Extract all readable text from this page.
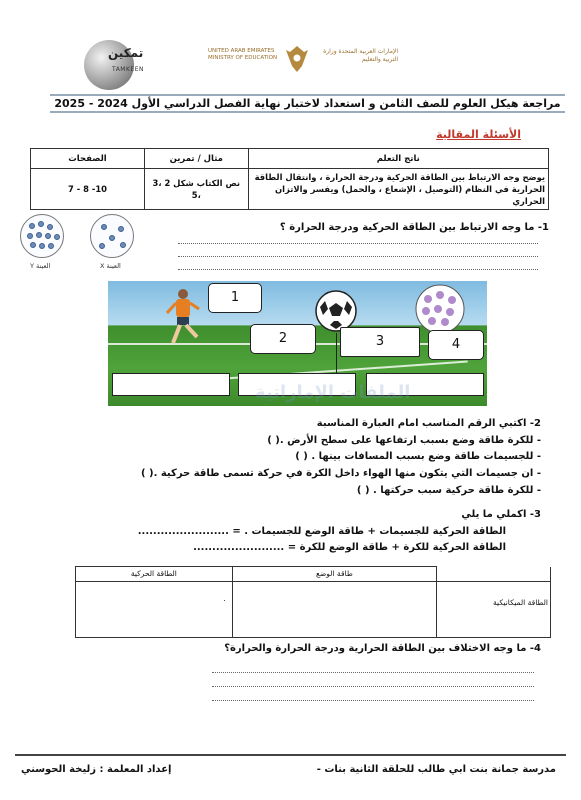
تمكين
TAMKEEN
UNITED ARAB EMIRATES MINISTRY OF EDUCATION
الإمارات العربية المتحدة وزارة التربية والتعليم
مراجعة هيكل العلوم للصف الثامن و استعداد لاختبار نهاية الفصل الدراسي الأول 2024 - 2025
الأسئلة المقالية
ناتج التعلم	مثال / تمرين	الصفحات
يوضح وجه الارتباط بين الطاقة الحركية ودرجة الحرارة ، وانتقال الطاقة الحرارية في النظام (التوصيل ، الإشعاع ، والحمل) ويفسر والاتزان الحراري	نص الكتاب شكل 2 ،3 ،5	7 - 8 -10
1- ما وجه الارتباط بين الطاقة الحركية ودرجة الحرارة ؟
العينة Y	العينة X
1
2	3	4
الملفات الإماراتية
2- اكتبي الرقم المناسب امام العبارة المناسبة
- للكرة طاقة وضع بسبب ارتفاعها على سطح الأرض .( )
- للجسيمات طاقة وضع بسبب المسافات بينها . ( )
- ان جسيمات التي يتكون منها الهواء داخل الكرة في حركة تسمى طاقة حركية .( )
- للكرة طاقة حركية سبب حركتها . ( )
3- اكملي ما يلي
الطاقة الحركية للجسيمات + طاقة الوضع للجسيمات . = ........................
الطاقة الحركية للكرة + طاقة الوضع للكرة = ........................
الطاقة الحركية	طاقة الوضع	
.		الطاقة الميكانيكية
4- ما وجه الاختلاف بين الطاقة الحرارية ودرجة الحرارة والحرارة؟
مدرسة جمانة بنت ابي طالب للحلقة الثانية بنات -
إعداد المعلمة : زليخة الحوسني
